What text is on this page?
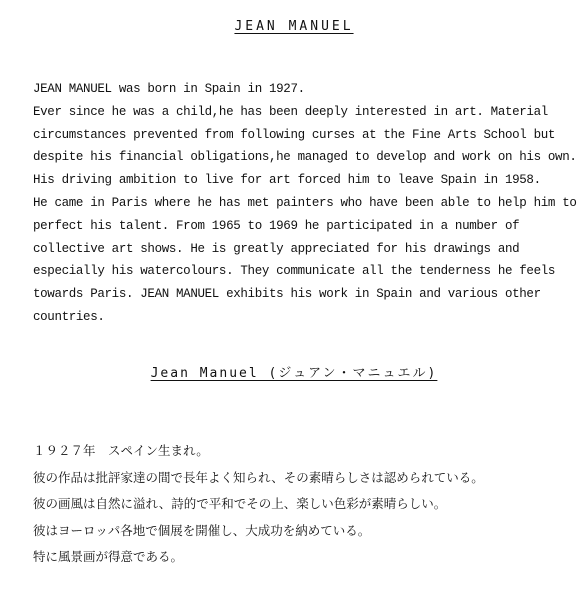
JEAN MANUEL
JEAN MANUEL was born in Spain in 1927.
Ever since he was a child,he has been deeply interested in art. Material
circumstances prevented from following curses at the Fine Arts School but
despite his financial obligations,he managed to develop and work on his own.
His driving ambition to live for art forced him to leave Spain in 1958.
He came in Paris where he has met painters who have been able to help him to
perfect his talent. From 1965 to 1969 he participated in a number of
collective art shows. He is greatly appreciated for his drawings and
especially his watercolours. They communicate all the tenderness he feels
towards Paris. JEAN MANUEL exhibits his work in Spain and various other
countries.
Jean Manuel (ジュアン・マニュエル)
１９２７年　スペイン生まれ。
彼の作品は批評家達の間で長年よく知られ、その素晴らしさは認められている。
彼の画風は自然に溢れ、詩的で平和でその上、楽しい色彩が素晴らしい。
彼はヨーロッパ各地で個展を開催し、大成功を納めている。
特に風景画が得意である。
